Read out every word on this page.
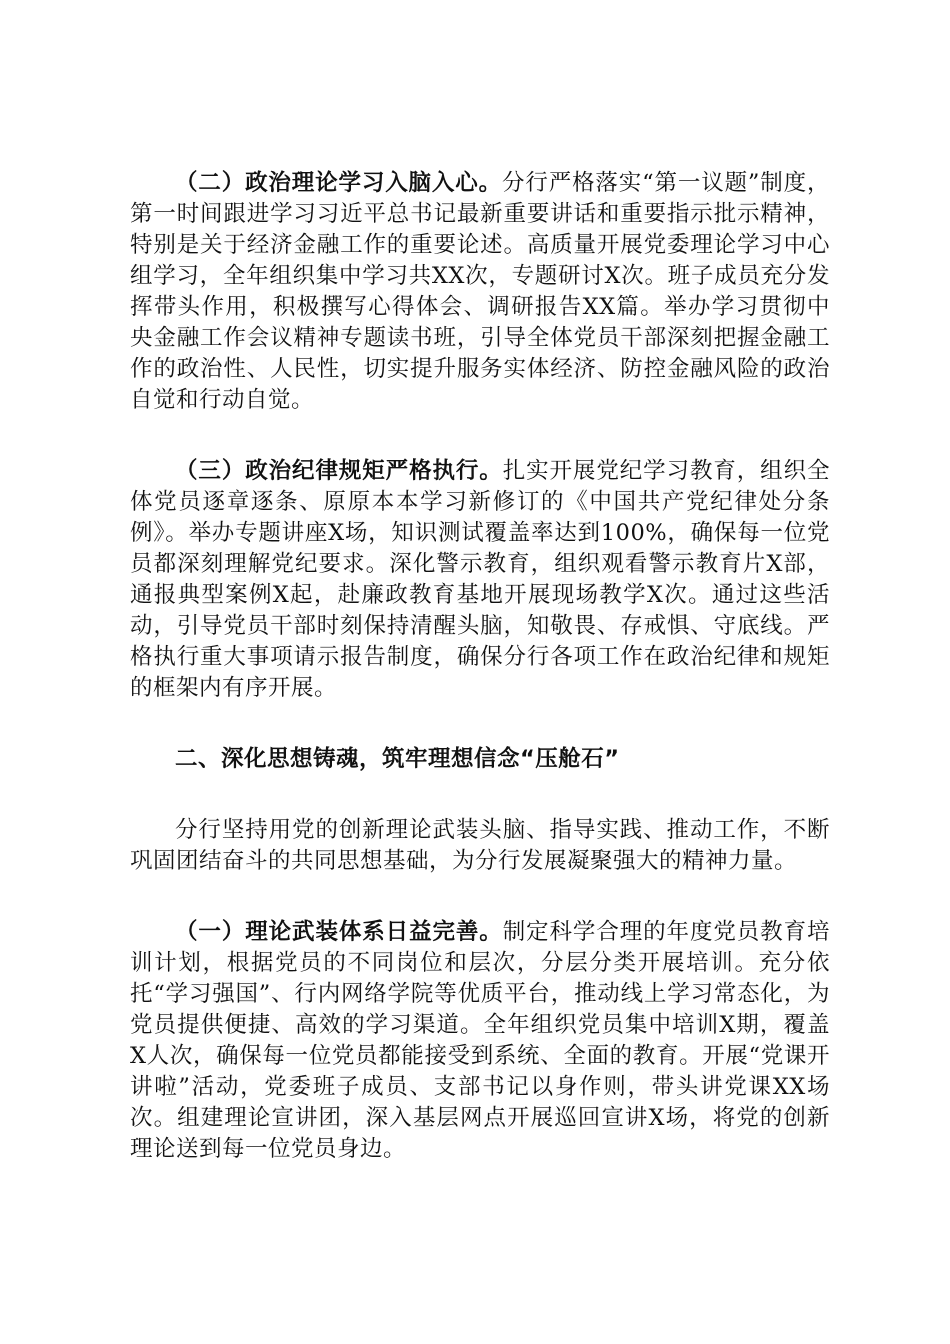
（二）政治理论学习入脑入心。分行严格落实“第一议题”制度，第一时间跟进学习习近平总书记最新重要讲话和重要指示批示精神，特别是关于经济金融工作的重要论述。高质量开展党委理论学习中心组学习，全年组织集中学习共XX次，专题研讨X次。班子成员充分发挥带头作用，积极撰写心得体会、调研报告XX篇。举办学习贯彻中央金融工作会议精神专题读书班，引导全体党员干部深刻把握金融工作的政治性、人民性，切实提升服务实体经济、防控金融风险的政治自觉和行动自觉。

（三）政治纪律规矩严格执行。扎实开展党纪学习教育，组织全体党员逐章逐条、原原本本学习新修订的《中国共产党纪律处分条例》。举办专题讲座X场，知识测试覆盖率达到100%，确保每一位党员都深刻理解党纪要求。深化警示教育，组织观看警示教育片X部，通报典型案例X起，赴廉政教育基地开展现场教学X次。通过这些活动，引导党员干部时刻保持清醒头脑，知敬畏、存戒惧、守底线。严格执行重大事项请示报告制度，确保分行各项工作在政治纪律和规矩的框架内有序开展。

二、深化思想铸魂，筑牢理想信念“压舱石”

分行坚持用党的创新理论武装头脑、指导实践、推动工作，不断巩固团结奋斗的共同思想基础，为分行发展凝聚强大的精神力量。

（一）理论武装体系日益完善。制定科学合理的年度党员教育培训计划，根据党员的不同岗位和层次，分层分类开展培训。充分依托“学习强国”、行内网络学院等优质平台，推动线上学习常态化，为党员提供便捷、高效的学习渠道。全年组织党员集中培训X期，覆盖X人次，确保每一位党员都能接受到系统、全面的教育。开展“党课开讲啦”活动，党委班子成员、支部书记以身作则，带头讲党课XX场次。组建理论宣讲团，深入基层网点开展巡回宣讲X场，将党的创新理论送到每一位党员身边。
